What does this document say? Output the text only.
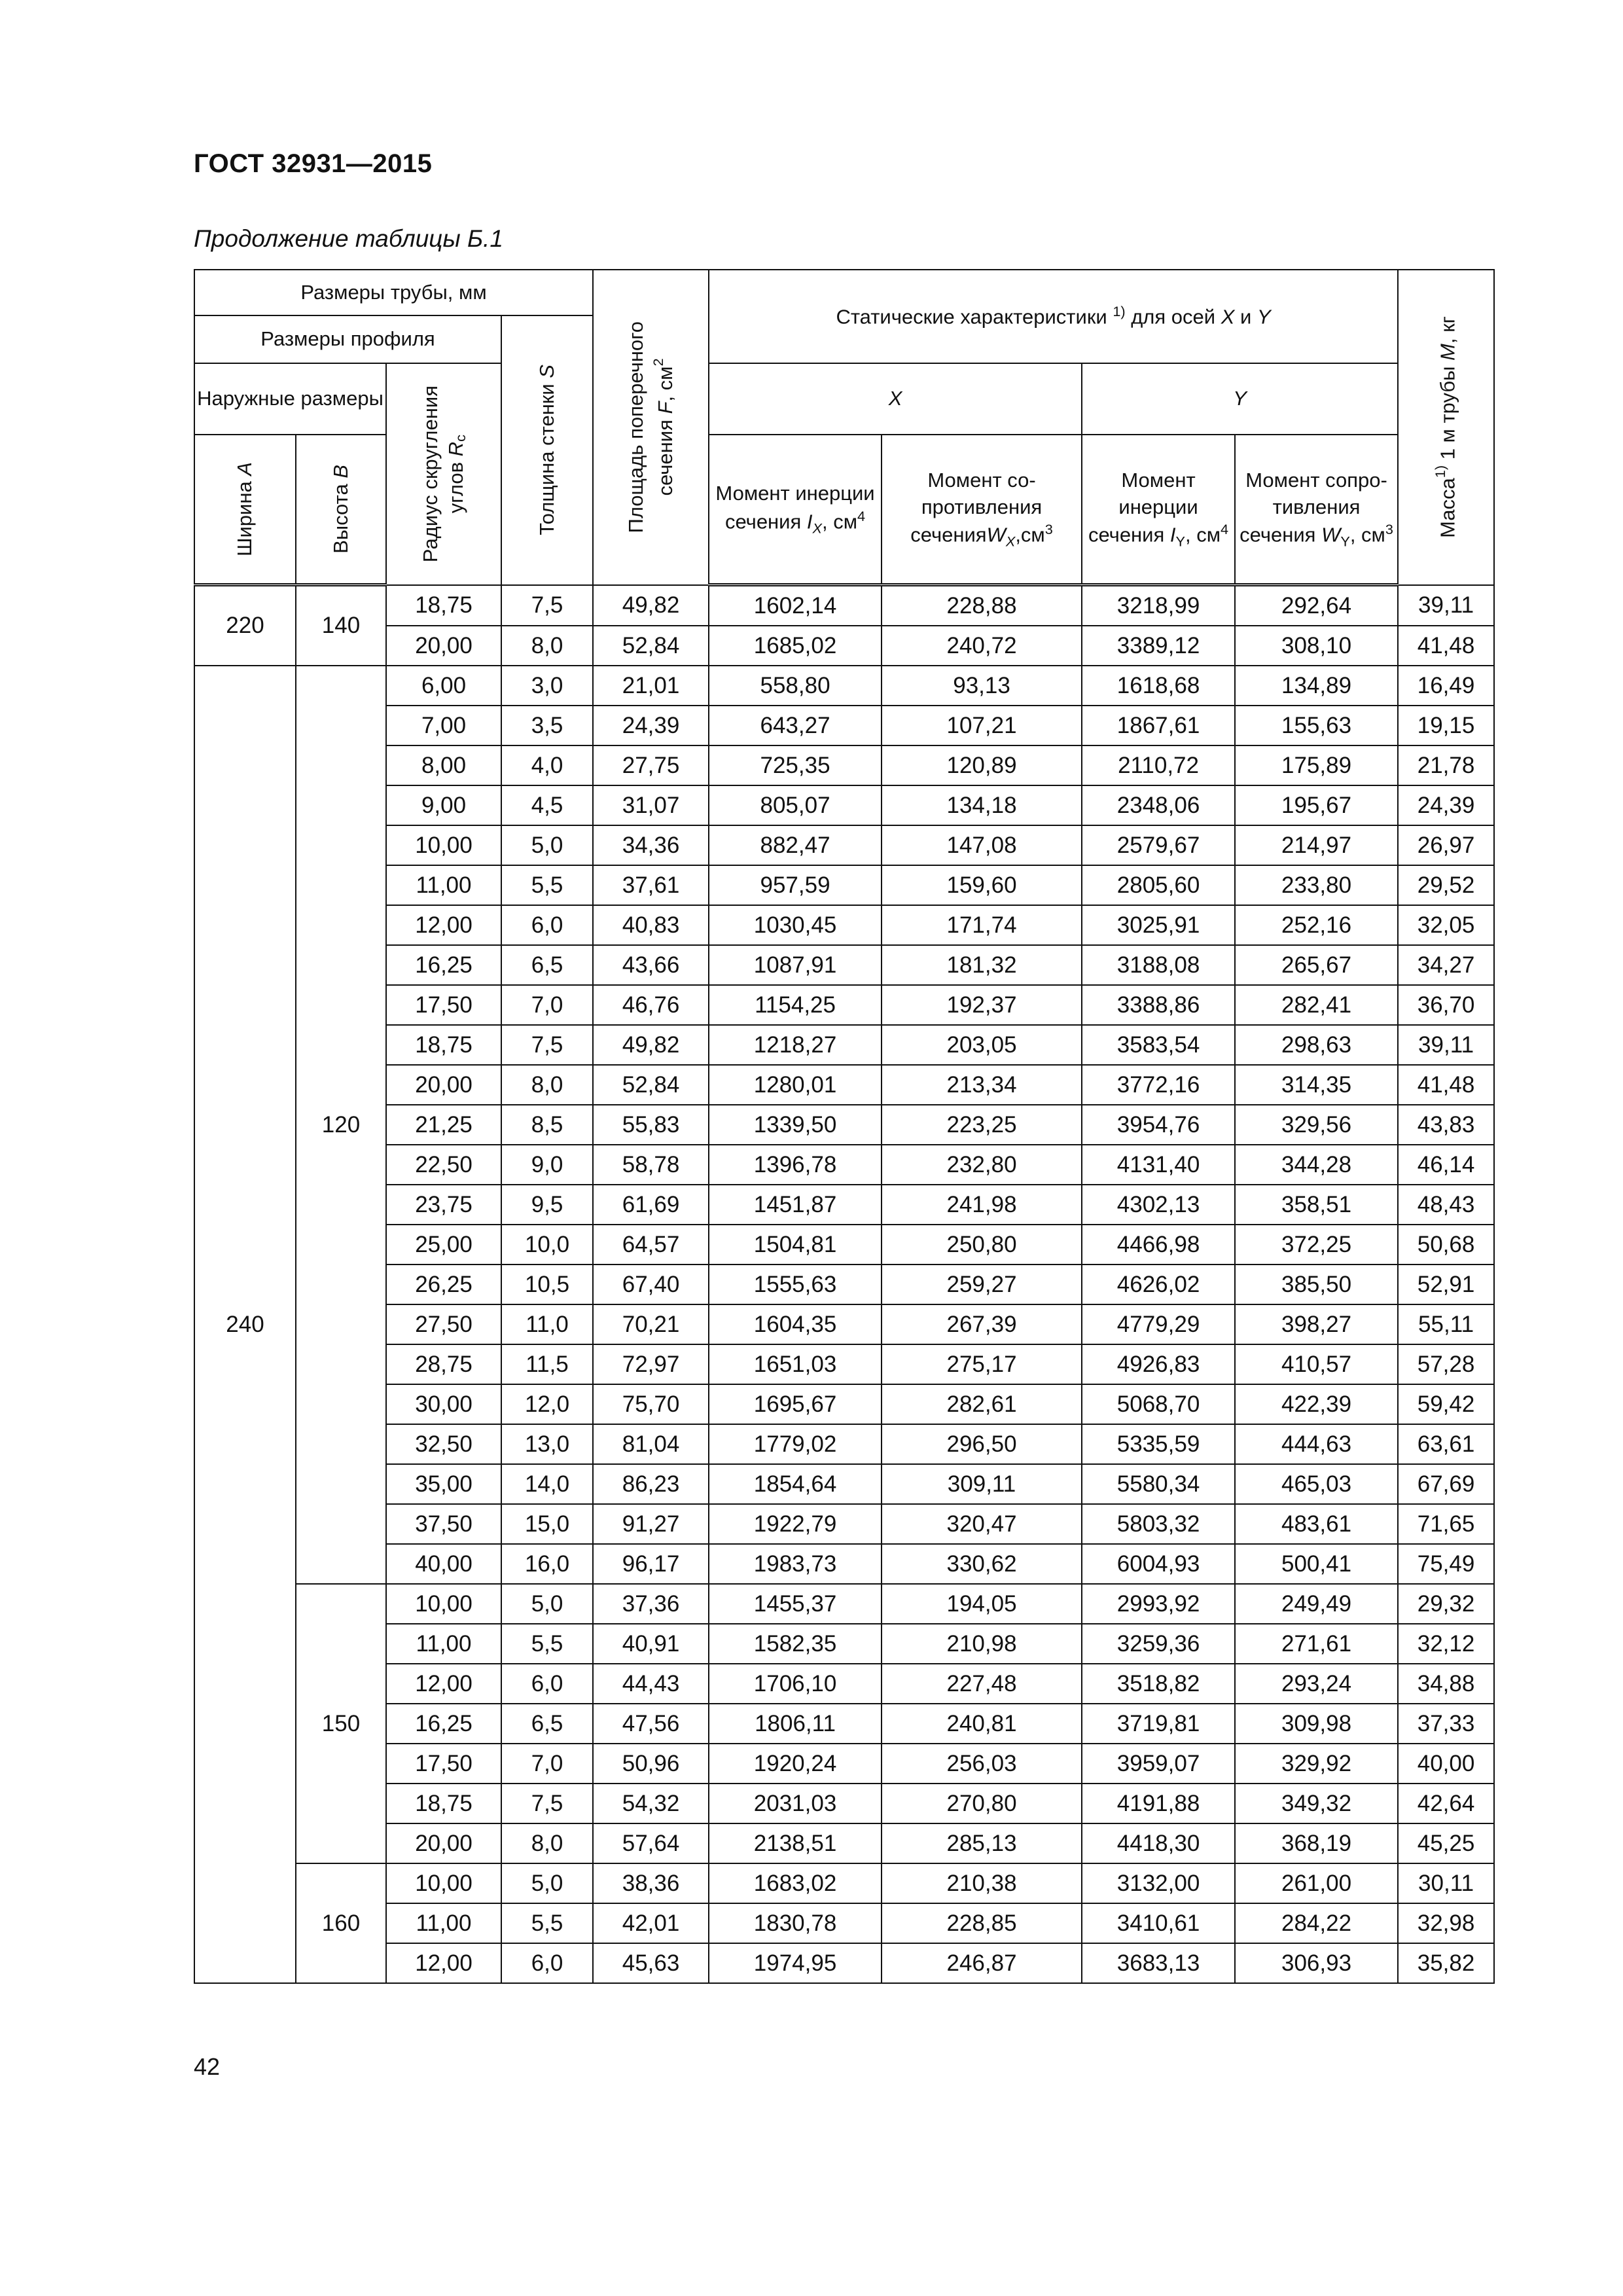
ГОСТ 32931—2015
Продолжение таблицы Б.1
Размеры трубы, мм				Площадь поперечного сечения F, $см^2$	Статические характеристики $^{1)}$ для осей X и Y				Масса$^{1)}$ 1 м трубы M, кг

Размеры профиля			Толщина стенки S						

Наружные размеры		Радиус скругления углов $R_c$			X		Y		

Ширина A	Высота B				Момент инерции сечения $I_X$, $см^4$	Момент со-противления $сеченияW_X,см^3$	Момент инерции сечения $I_Y$, $см^4$	Момент сопро-тивления сечения $W_Y$, $см^3$
220	140	18,75	7,5	49,82	1602,14	228,88	3218,99	292,64	39,11
		20,00	8,0	52,84	1685,02	240,72	3389,12	308,10	41,48
240	120	6,00	3,0	21,01	558,80	93,13	1618,68	134,89	16,49
		7,00	3,5	24,39	643,27	107,21	1867,61	155,63	19,15
		8,00	4,0	27,75	725,35	120,89	2110,72	175,89	21,78
		9,00	4,5	31,07	805,07	134,18	2348,06	195,67	24,39
		10,00	5,0	34,36	882,47	147,08	2579,67	214,97	26,97
		11,00	5,5	37,61	957,59	159,60	2805,60	233,80	29,52
		12,00	6,0	40,83	1030,45	171,74	3025,91	252,16	32,05
		16,25	6,5	43,66	1087,91	181,32	3188,08	265,67	34,27
		17,50	7,0	46,76	1154,25	192,37	3388,86	282,41	36,70
		18,75	7,5	49,82	1218,27	203,05	3583,54	298,63	39,11
		20,00	8,0	52,84	1280,01	213,34	3772,16	314,35	41,48
		21,25	8,5	55,83	1339,50	223,25	3954,76	329,56	43,83
		22,50	9,0	58,78	1396,78	232,80	4131,40	344,28	46,14
		23,75	9,5	61,69	1451,87	241,98	4302,13	358,51	48,43
		25,00	10,0	64,57	1504,81	250,80	4466,98	372,25	50,68
		26,25	10,5	67,40	1555,63	259,27	4626,02	385,50	52,91
		27,50	11,0	70,21	1604,35	267,39	4779,29	398,27	55,11
		28,75	11,5	72,97	1651,03	275,17	4926,83	410,57	57,28
		30,00	12,0	75,70	1695,67	282,61	5068,70	422,39	59,42
		32,50	13,0	81,04	1779,02	296,50	5335,59	444,63	63,61
		35,00	14,0	86,23	1854,64	309,11	5580,34	465,03	67,69
		37,50	15,0	91,27	1922,79	320,47	5803,32	483,61	71,65
		40,00	16,0	96,17	1983,73	330,62	6004,93	500,41	75,49
	150	10,00	5,0	37,36	1455,37	194,05	2993,92	249,49	29,32
		11,00	5,5	40,91	1582,35	210,98	3259,36	271,61	32,12
		12,00	6,0	44,43	1706,10	227,48	3518,82	293,24	34,88
		16,25	6,5	47,56	1806,11	240,81	3719,81	309,98	37,33
		17,50	7,0	50,96	1920,24	256,03	3959,07	329,92	40,00
		18,75	7,5	54,32	2031,03	270,80	4191,88	349,32	42,64
		20,00	8,0	57,64	2138,51	285,13	4418,30	368,19	45,25
	160	10,00	5,0	38,36	1683,02	210,38	3132,00	261,00	30,11
		11,00	5,5	42,01	1830,78	228,85	3410,61	284,22	32,98
		12,00	6,0	45,63	1974,95	246,87	3683,13	306,93	35,82
42
